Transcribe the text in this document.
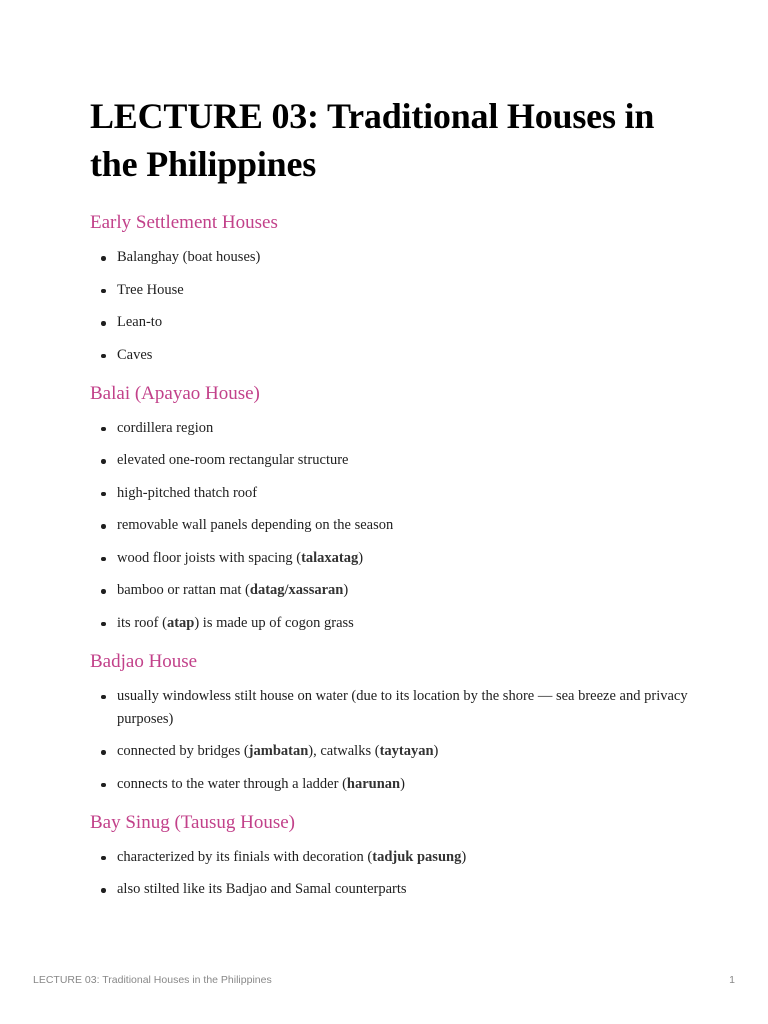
LECTURE 03: Traditional Houses in the Philippines
Early Settlement Houses
Balanghay (boat houses)
Tree House
Lean-to
Caves
Balai (Apayao House)
cordillera region
elevated one-room rectangular structure
high-pitched thatch roof
removable wall panels depending on the season
wood floor joists with spacing (talaxatag)
bamboo or rattan mat (datag/xassaran)
its roof (atap) is made up of cogon grass
Badjao House
usually windowless stilt house on water (due to its location by the shore — sea breeze and privacy purposes)
connected by bridges (jambatan), catwalks (taytayan)
connects to the water through a ladder (harunan)
Bay Sinug (Tausug House)
characterized by its finials with decoration (tadjuk pasung)
also stilted like its Badjao and Samal counterparts
LECTURE 03: Traditional Houses in the Philippines	1
